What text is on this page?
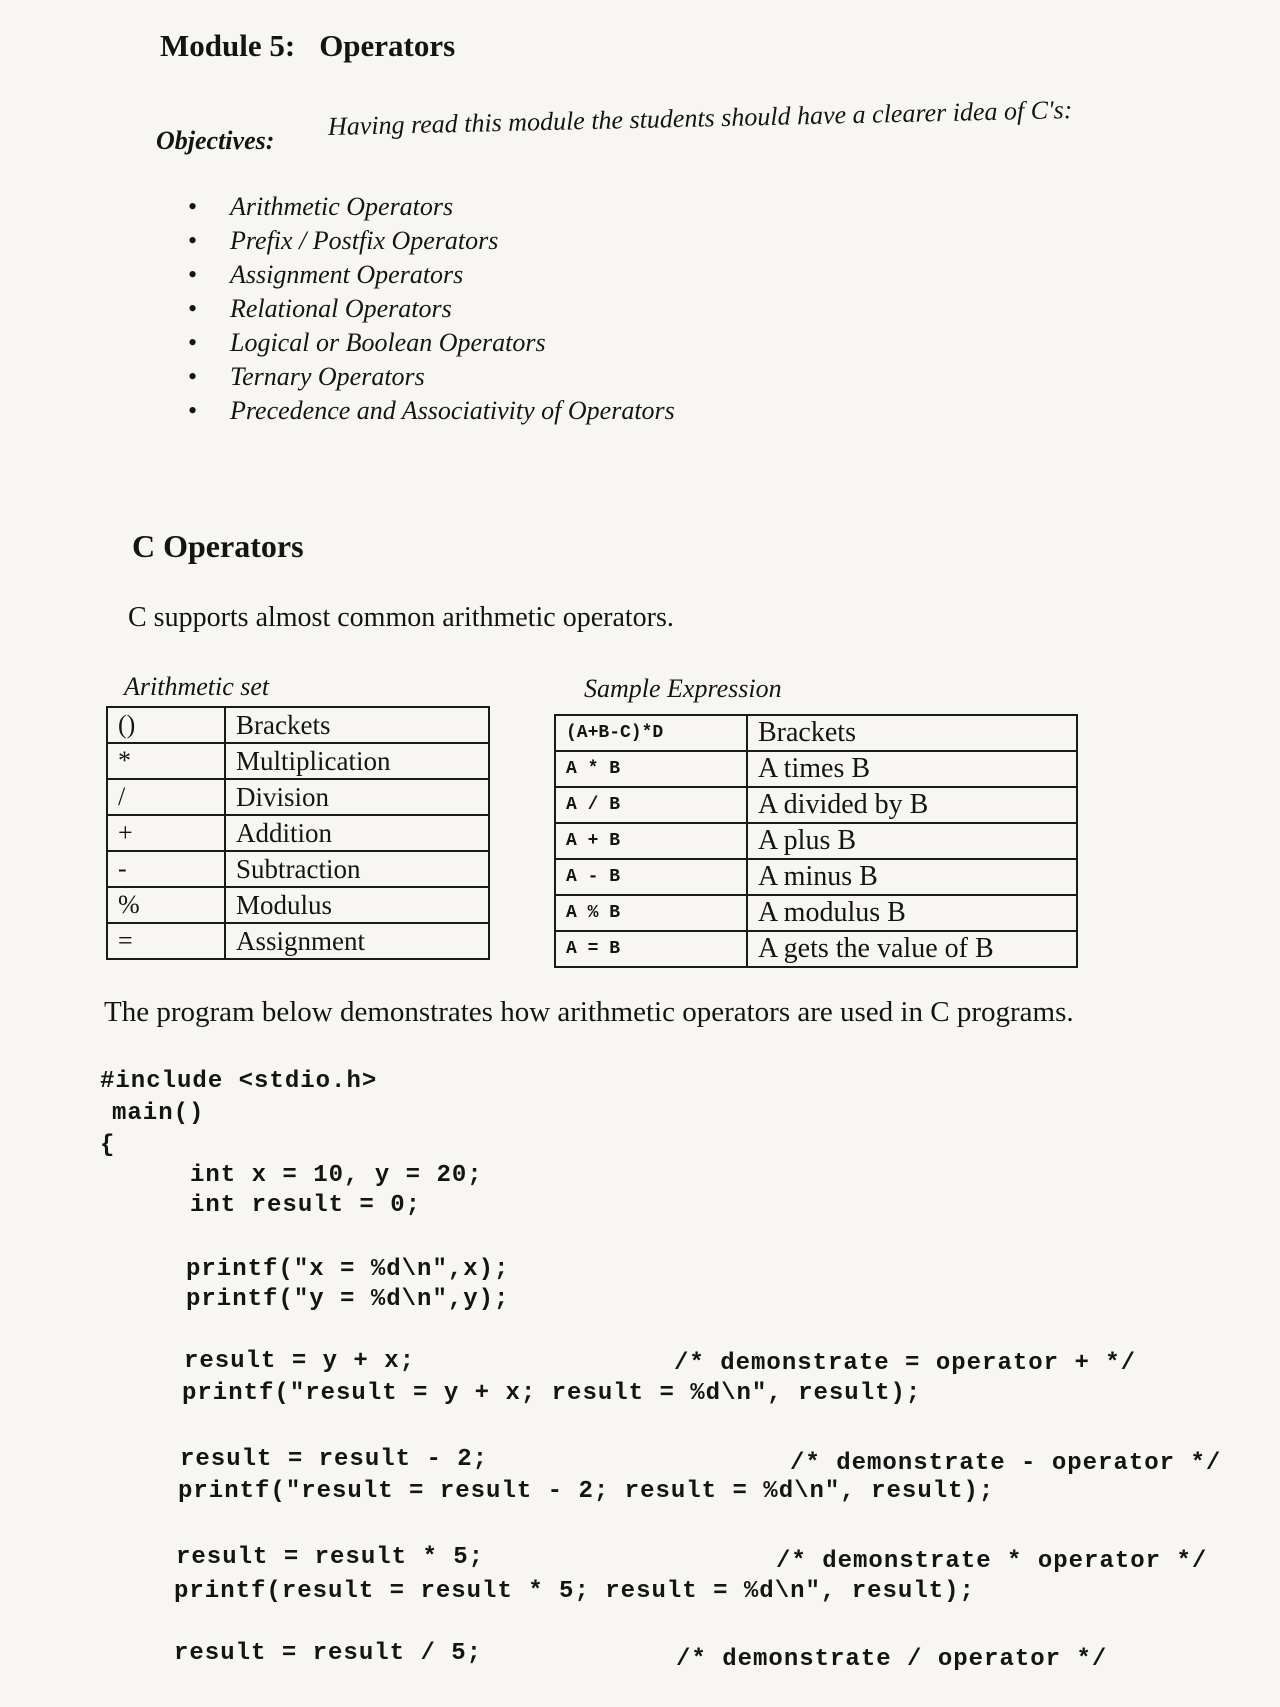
Module 5: Operators
Objectives: Having read this module the students should have a clearer idea of C's:
• Arithmetic Operators
• Prefix / Postfix Operators
• Assignment Operators
• Relational Operators
• Logical or Boolean Operators
• Ternary Operators
• Precedence and Associativity of Operators
C Operators
C supports almost common arithmetic operators.
Arithmetic set	Sample Expression
()	Brackets
*	Multiplication
/	Division
+	Addition
-	Subtraction
%	Modulus
=	Assignment
(A+B-C)*D	Brackets
A * B	A times B
A / B	A divided by B
A + B	A plus B
A - B	A minus B
A % B	A modulus B
A = B	A gets the value of B
The program below demonstrates how arithmetic operators are used in C programs.
#include <stdio.h>
main()
{
int x = 10, y = 20;
int result = 0;
printf("x = %d\n",x);
printf("y = %d\n",y);
result = y + x;	/* demonstrate = operator + */
printf("result = y + x; result = %d\n", result);
result = result - 2;	/* demonstrate - operator */
printf("result = result - 2; result = %d\n", result);
result = result * 5;	/* demonstrate * operator */
printf(result = result * 5; result = %d\n", result);
result = result / 5;	/* demonstrate / operator */
